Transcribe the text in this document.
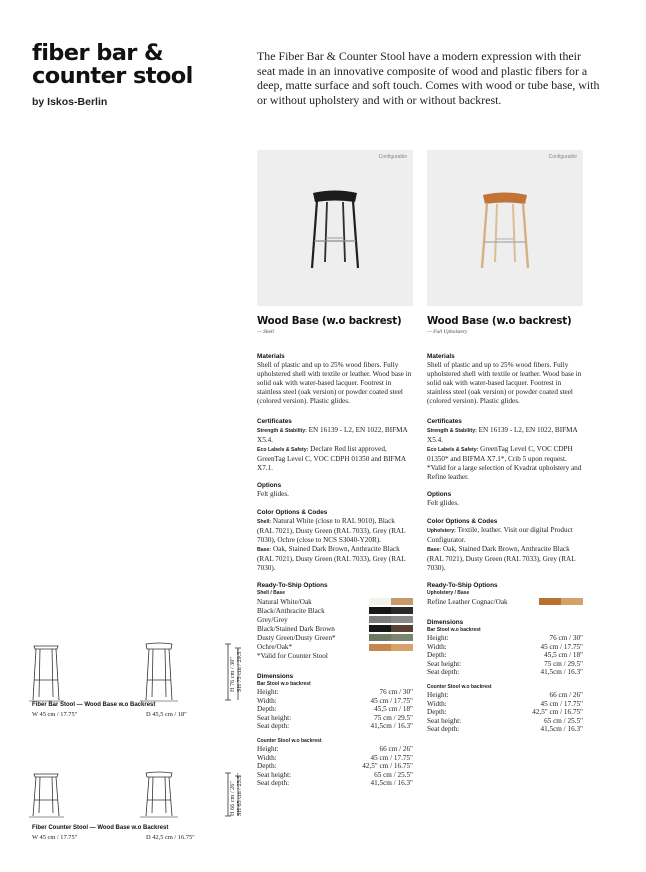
fiber bar &
counter stool
by Iskos-Berlin
The Fiber Bar & Counter Stool have a modern expression with their seat made in an innovative composite of wood and plastic fibers for a deep, matte surface and soft touch. Comes with wood or tube base, with or without upholstery and with or without backrest.
Configurable
Wood Base (w.o backrest)
— Shell
Materials
Shell of plastic and up to 25% wood fibers. Fully upholstered shell with textile or leather. Wood base in solid oak with water-based lacquer. Footrest in stainless steel (oak version) or powder coated steel (colored version). Plastic glides.
Certificates
Strength & Stability: EN 16139 - L2, EN 1022, BIFMA X5.4.
Eco Labels & Safety: Declare Red list approved, GreenTag Level C, VOC CDPH 01350 and BIFMA X7.1.
Options
Felt glides.
Color Options & Codes
Shell: Natural White (close to RAL 9010), Black (RAL 7021), Dusty Green (RAL 7033), Grey (RAL 7030), Ochre (close to NCS S3040-Y20R).
Base: Oak, Stained Dark Brown, Anthracite Black (RAL 7021), Dusty Green (RAL 7033), Grey (RAL 7030).
Ready-To-Ship Options
Shell / Base
Natural White/Oak
Black/Anthracite Black
Grey/Grey
Black/Stained Dark Brown
Dusty Green/Dusty Green*
Ochre/Oak*
*Valid for Counter Stool
Dimensions
Bar Stool w.o backrest
Height:	76 cm / 30"
Width:	45 cm / 17.75"
Depth:	45,5 cm / 18"
Seat height:	75 cm / 29.5"
Seat depth:	41,5cm / 16.3"
Counter Stool w.o backrest
Height:	66 cm / 26"
Width:	45 cm / 17.75"
Depth:	42,5" cm / 16.75"
Seat height:	65 cm / 25.5"
Seat depth:	41,5cm / 16.3"
Configurable
Wood Base (w.o backrest)
— Full Upholstery
Materials
Shell of plastic and up to 25% wood fibers. Fully upholstered shell with textile or leather. Wood base in solid oak with water-based lacquer. Footrest in stainless steel (oak version) or powder coated steel (colored version). Plastic glides.
Certificates
Strength & Stability: EN 16139 - L2, EN 1022, BIFMA X5.4.
Eco Labels & Safety: GreenTag Level C, VOC CDPH 01350* and BIFMA X7.1*, Crib 5 upon request. *Valid for a large selection of Kvadrat upholstery and Refine leather.
Options
Felt glides.
Color Options & Codes
Upholstery: Textile, leather. Visit our digital Product Configurator.
Base: Oak, Stained Dark Brown, Anthracite Black (RAL 7021), Dusty Green (RAL 7033), Grey (RAL 7030).
Ready-To-Ship Options
Upholstery / Base
Refine Leather Cognac/Oak
Dimensions
Bar Stool w.o backrest
Height:	76 cm / 30"
Width:	45 cm / 17.75"
Depth:	45,5 cm / 18"
Seat height:	75 cm / 29.5"
Seat depth:	41,5cm / 16.3"
Counter Stool w.o backrest
Height:	66 cm / 26"
Width:	45 cm / 17.75"
Depth:	42,5" cm / 16.75"
Seat height:	65 cm / 25.5"
Seat depth:	41,5cm / 16.3"
H 76 cm / 30" SH 75 cm / 29.5"
H 66 cm / 26" SH 65 cm / 25.5"
Fiber Bar Stool — Wood Base w.o Backrest
W 45 cm / 17.75"	D 45,5 cm / 18"
Fiber Counter Stool — Wood Base w.o Backrest
W 45 cm / 17.75"	D 42,5 cm / 16.75"
